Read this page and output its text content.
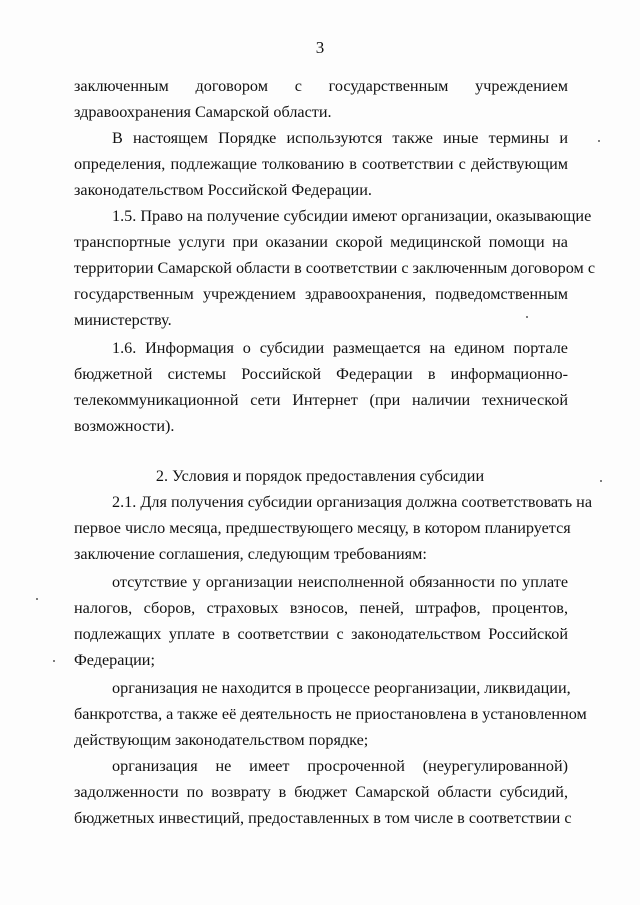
3
заключенным договором с государственным учреждением
здравоохранения Самарской области.
В настоящем Порядке используются также иные термины и
определения, подлежащие толкованию в соответствии с действующим
законодательством Российской Федерации.
1.5. Право на получение субсидии имеют организации, оказывающие
транспортные услуги при оказании скорой медицинской помощи на
территории Самарской области в соответствии с заключенным договором с
государственным учреждением здравоохранения, подведомственным
министерству.
1.6. Информация о субсидии размещается на едином портале
бюджетной системы Российской Федерации в информационно-
телекоммуникационной сети Интернет (при наличии технической
возможности).
2. Условия и порядок предоставления субсидии
2.1. Для получения субсидии организация должна соответствовать на
первое число месяца, предшествующего месяцу, в котором планируется
заключение соглашения, следующим требованиям:
отсутствие у организации неисполненной обязанности по уплате
налогов, сборов, страховых взносов, пеней, штрафов, процентов,
подлежащих уплате в соответствии с законодательством Российской
Федерации;
организация не находится в процессе реорганизации, ликвидации,
банкротства, а также её деятельность не приостановлена в установленном
действующим законодательством порядке;
организация не имеет просроченной (неурегулированной)
задолженности по возврату в бюджет Самарской области субсидий,
бюджетных инвестиций, предоставленных в том числе в соответствии с
